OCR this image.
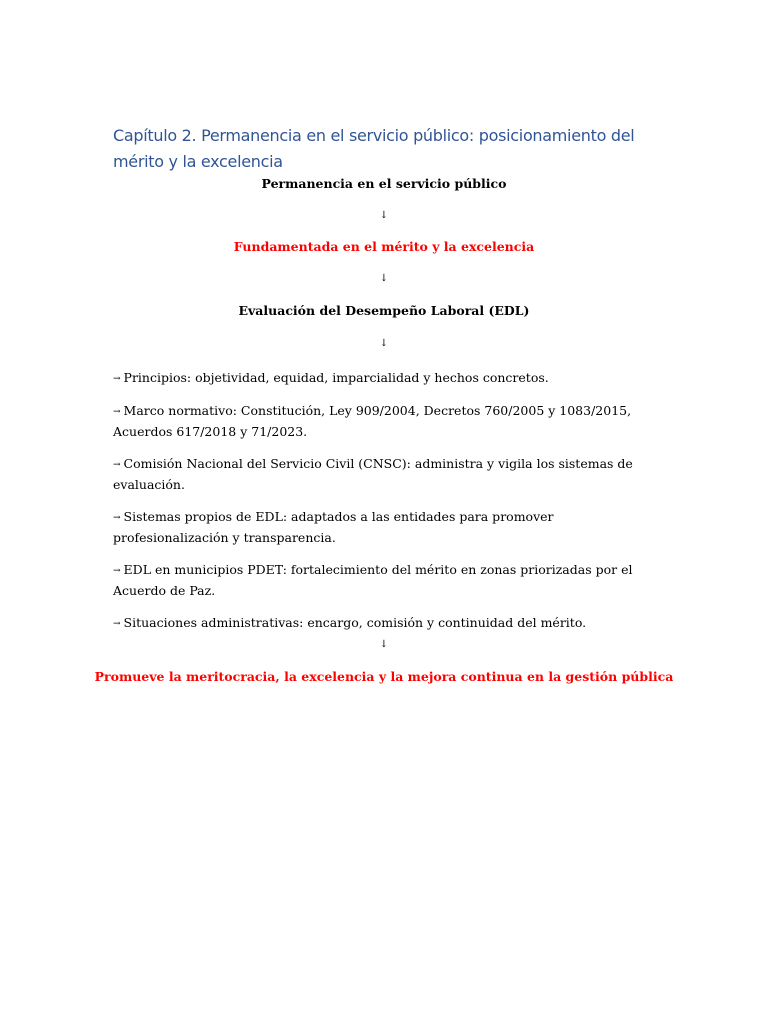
Capítulo 2. Permanencia en el servicio público: posicionamiento del mérito y la excelencia

Permanencia en el servicio público

↓

Fundamentada en el mérito y la excelencia

↓

Evaluación del Desempeño Laboral (EDL)

↓

→ Principios: objetividad, equidad, imparcialidad y hechos concretos.
→ Marco normativo: Constitución, Ley 909/2004, Decretos 760/2005 y 1083/2015, Acuerdos 617/2018 y 71/2023.
→ Comisión Nacional del Servicio Civil (CNSC): administra y vigila los sistemas de evaluación.
→ Sistemas propios de EDL: adaptados a las entidades para promover profesionalización y transparencia.
→ EDL en municipios PDET: fortalecimiento del mérito en zonas priorizadas por el Acuerdo de Paz.
→ Situaciones administrativas: encargo, comisión y continuidad del mérito.

↓

Promueve la meritocracia, la excelencia y la mejora continua en la gestión pública
